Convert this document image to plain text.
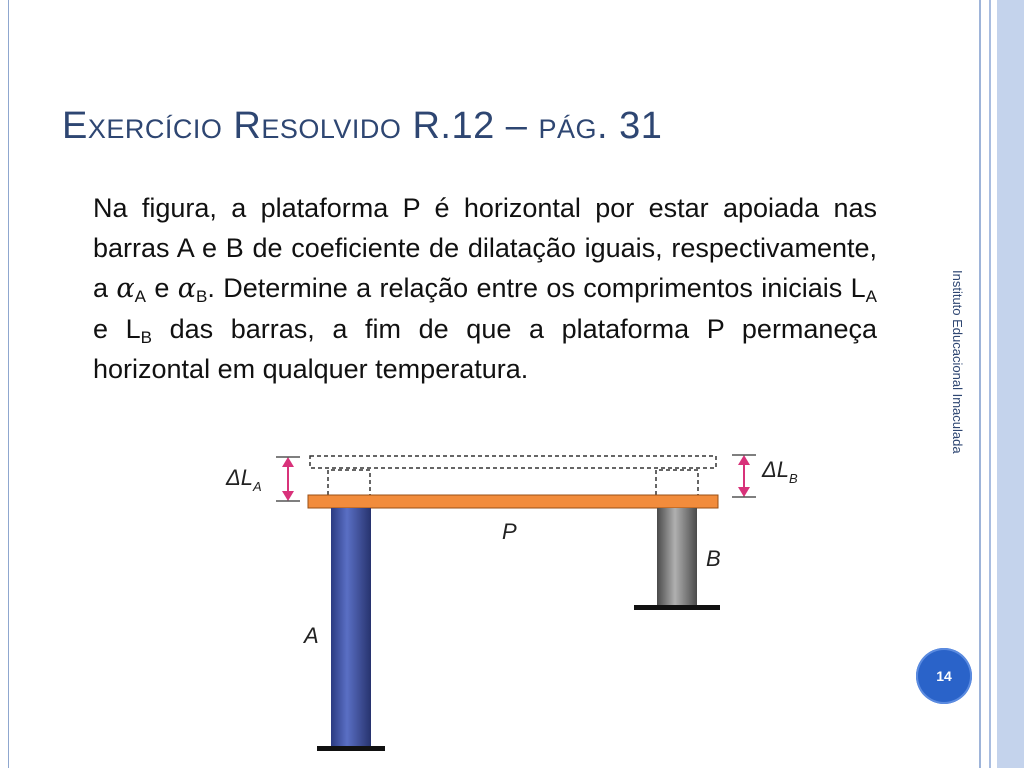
Exercício Resolvido R.12 – pág. 31
Na figura, a plataforma P é horizontal por estar apoiada nas barras A e B de coeficiente de dilatação iguais, respectivamente, a $\alpha_A$ e $\alpha_B$. Determine a relação entre os comprimentos iniciais $L_A$ e $L_B$ das barras, a fim de que a plataforma P permaneça horizontal em qualquer temperatura.	Instituto Educacional Imaculada
14
$\Delta L_A$
$\Delta L_B$
P
B
A
